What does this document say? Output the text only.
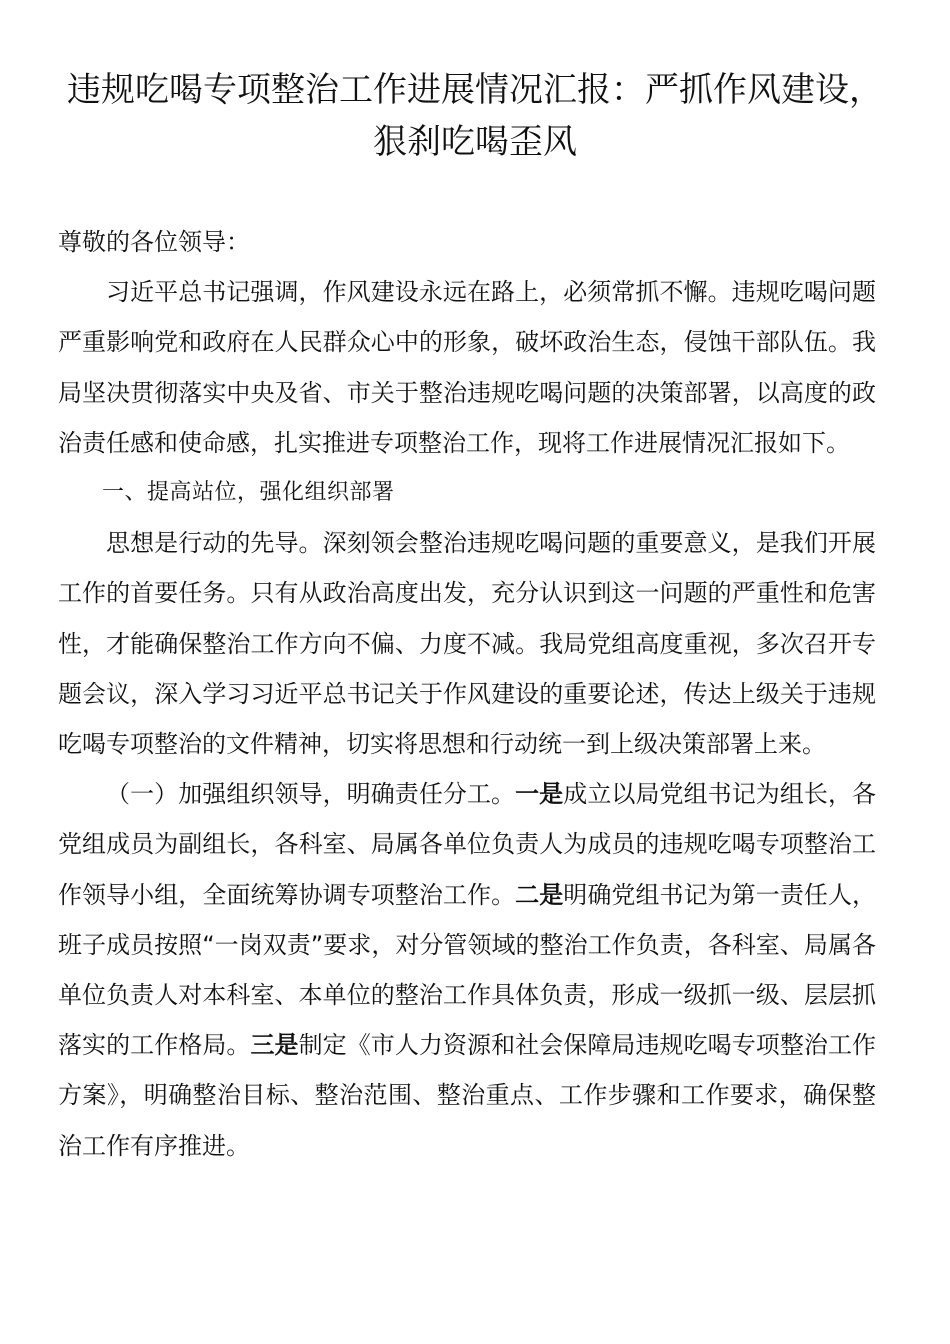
违规吃喝专项整治工作进展情况汇报：严抓作风建设，狠刹吃喝歪风

尊敬的各位领导：

习近平总书记强调，作风建设永远在路上，必须常抓不懈。违规吃喝问题严重影响党和政府在人民群众心中的形象，破坏政治生态，侵蚀干部队伍。我局坚决贯彻落实中央及省、市关于整治违规吃喝问题的决策部署，以高度的政治责任感和使命感，扎实推进专项整治工作，现将工作进展情况汇报如下。

一、提高站位，强化组织部署

思想是行动的先导。深刻领会整治违规吃喝问题的重要意义，是我们开展工作的首要任务。只有从政治高度出发，充分认识到这一问题的严重性和危害性，才能确保整治工作方向不偏、力度不减。我局党组高度重视，多次召开专题会议，深入学习习近平总书记关于作风建设的重要论述，传达上级关于违规吃喝专项整治的文件精神，切实将思想和行动统一到上级决策部署上来。

（一）加强组织领导，明确责任分工。一是成立以局党组书记为组长，各党组成员为副组长，各科室、局属各单位负责人为成员的违规吃喝专项整治工作领导小组，全面统筹协调专项整治工作。二是明确党组书记为第一责任人，班子成员按照“一岗双责”要求，对分管领域的整治工作负责，各科室、局属各单位负责人对本科室、本单位的整治工作具体负责，形成一级抓一级、层层抓落实的工作格局。三是制定《市人力资源和社会保障局违规吃喝专项整治工作方案》，明确整治目标、整治范围、整治重点、工作步骤和工作要求，确保整治工作有序推进。
